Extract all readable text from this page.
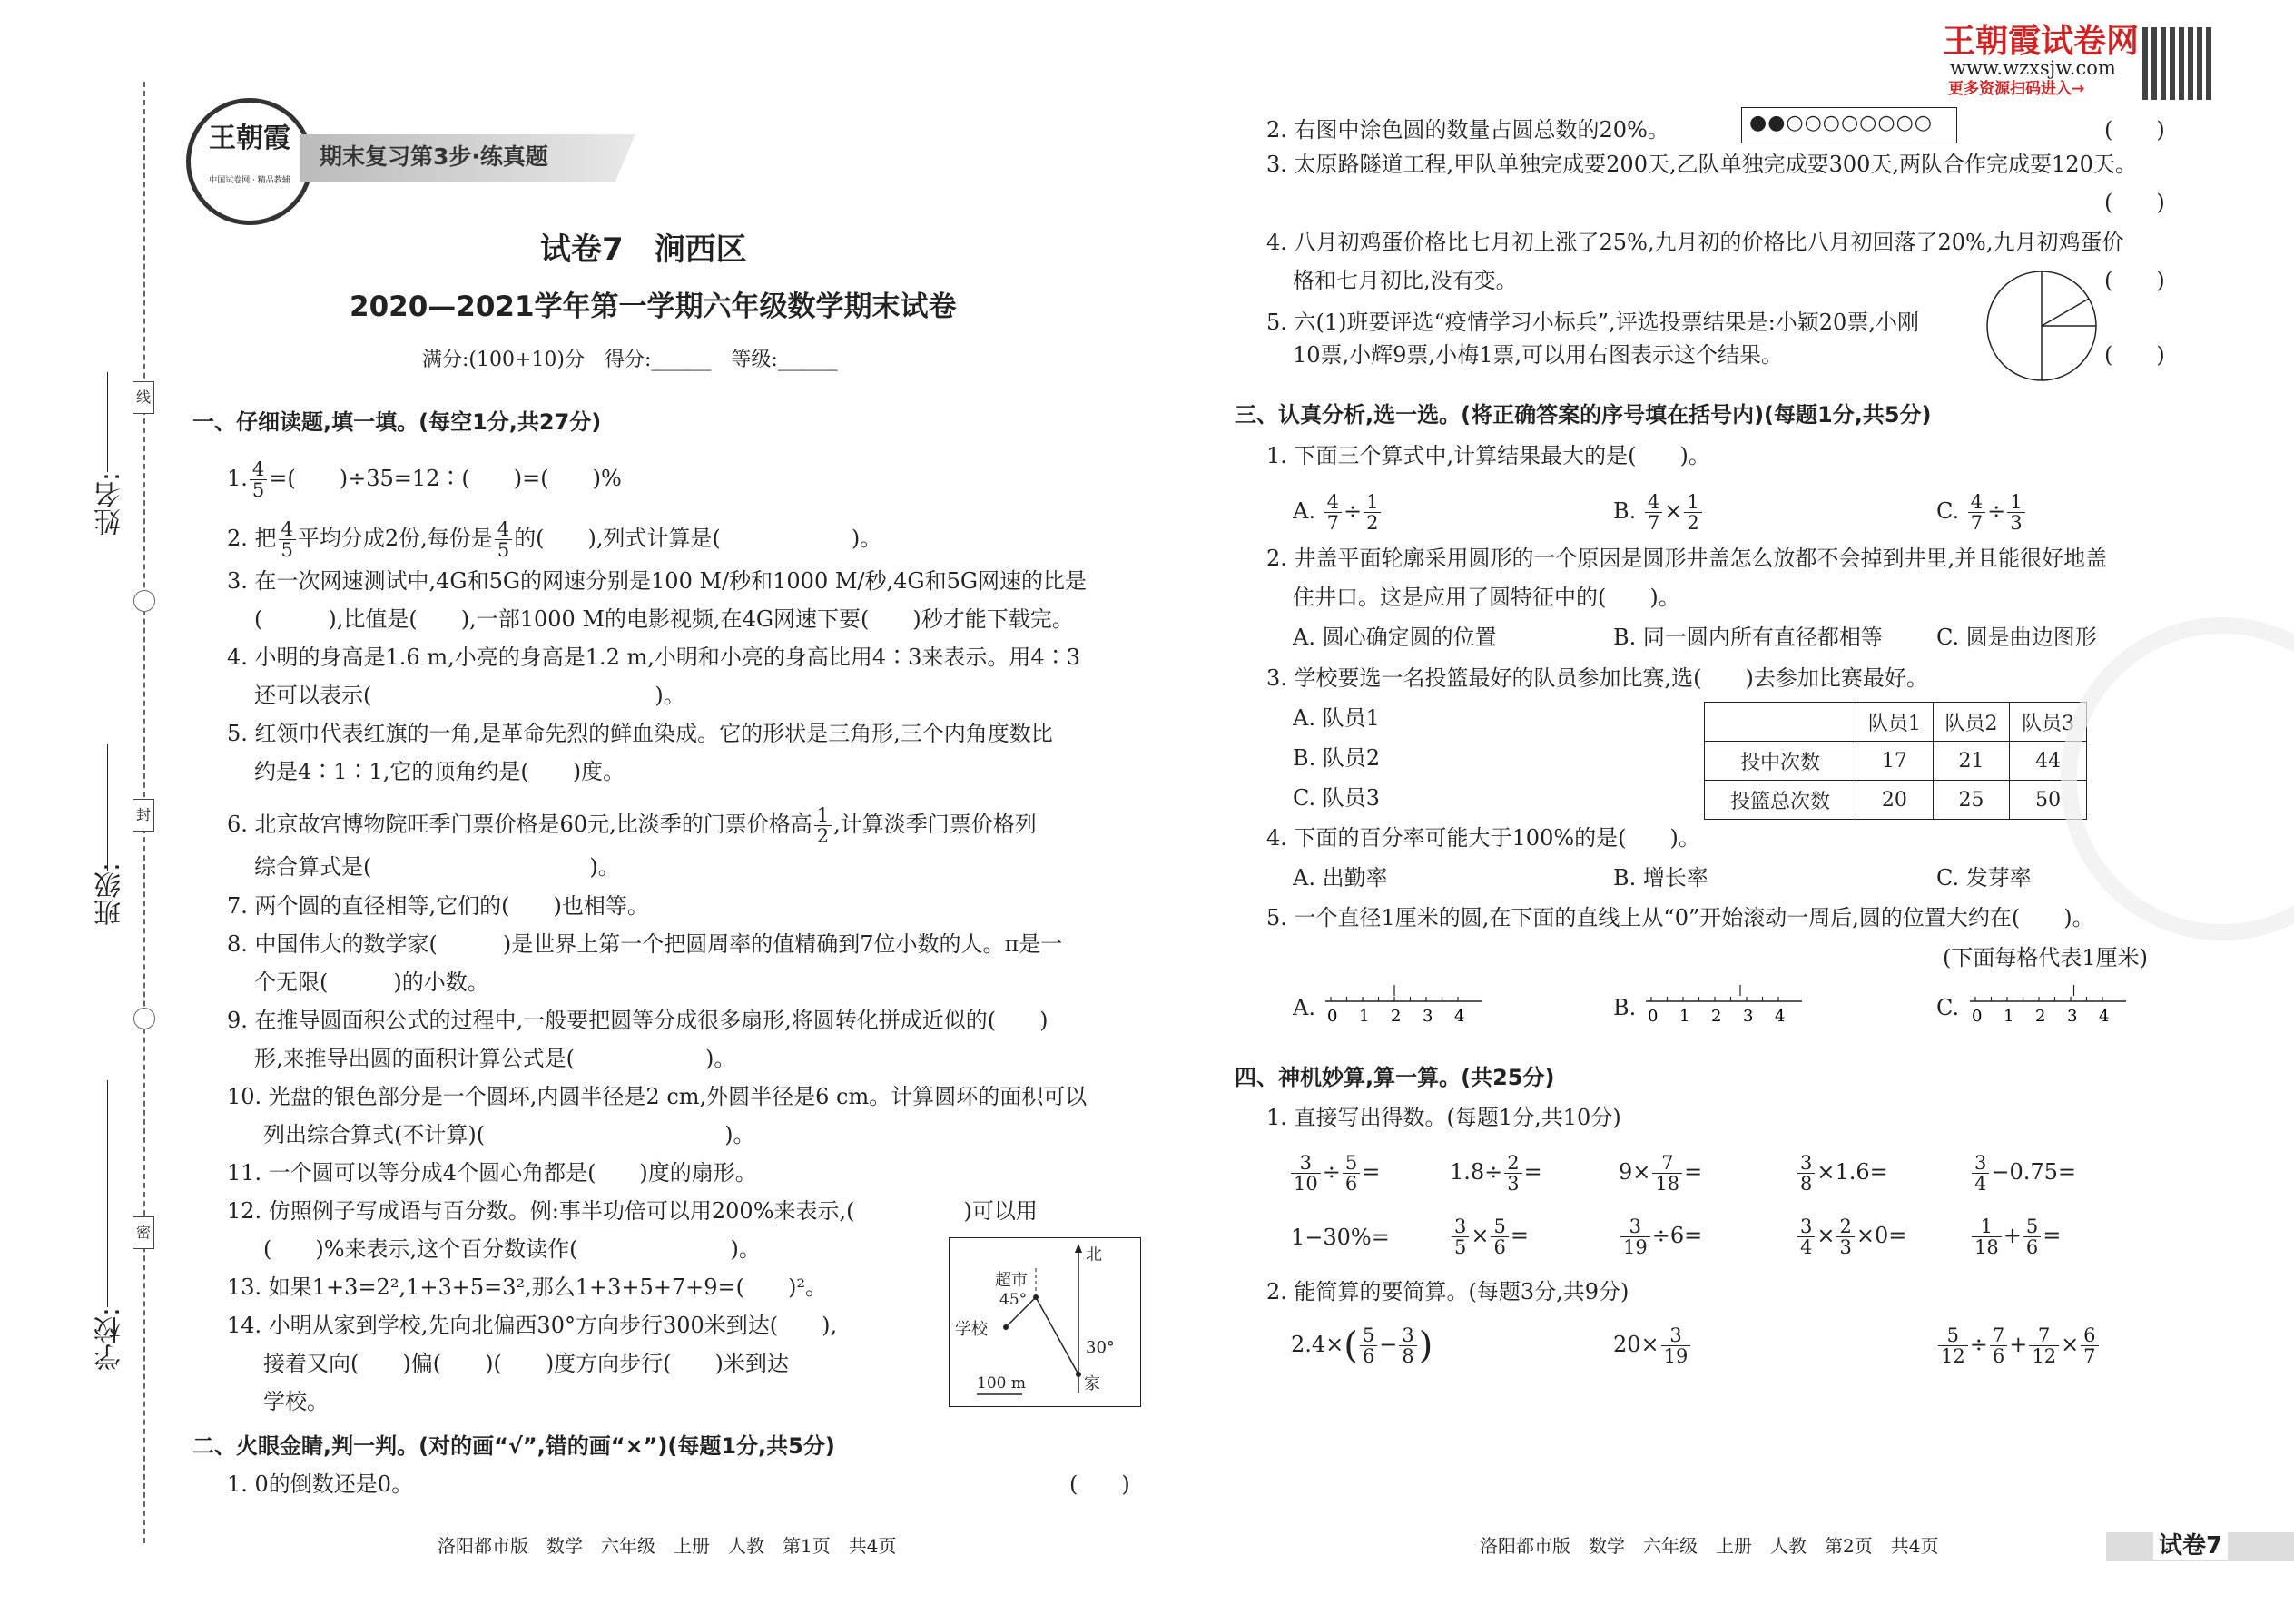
姓名:
班级:
学校:
线
封
密
王朝霞
中国试卷网 · 精品教辅
期末复习第3步·练真题
试卷7　涧西区
2020—2021学年第一学期六年级数学期末试卷
满分:(100+10)分　得分:______　等级:______
一、仔细读题,填一填。(每空1分,共27分)
1. $\frac{4}{5}$ =(　　)÷35=12∶(　　)=(　　)%
2. 把 $\frac{4}{5}$ 平均分成2份,每份是 $\frac{4}{5}$ 的(　　),列式计算是(　　　　　　)。
3. 在一次网速测试中,4G和5G的网速分别是100 M/秒和1000 M/秒,4G和5G网速的比是
(　　　),比值是(　　),一部1000 M的电影视频,在4G网速下要(　　)秒才能下载完。
4. 小明的身高是1.6 m,小亮的身高是1.2 m,小明和小亮的身高比用4∶3来表示。用4∶3
还可以表示(　　　　　　　　　　　　　)。
5. 红领巾代表红旗的一角,是革命先烈的鲜血染成。它的形状是三角形,三个内角度数比
约是4∶1∶1,它的顶角约是(　　)度。
6. 北京故宫博物院旺季门票价格是60元,比淡季的门票价格高 $\frac{1}{2}$ ,计算淡季门票价格列
综合算式是(　　　　　　　　　　)。
7. 两个圆的直径相等,它们的(　　)也相等。
8. 中国伟大的数学家(　　　)是世界上第一个把圆周率的值精确到7位小数的人。π是一
个无限(　　　)的小数。
9. 在推导圆面积公式的过程中,一般要把圆等分成很多扇形,将圆转化拼成近似的(　　)
形,来推导出圆的面积计算公式是(　　　　　　)。
10. 光盘的银色部分是一个圆环,内圆半径是2 cm,外圆半径是6 cm。计算圆环的面积可以
列出综合算式(不计算)(　　　　　　　　　　　)。
11. 一个圆可以等分成4个圆心角都是(　　)度的扇形。
12. 仿照例子写成语与百分数。例:事半功倍可以用200%来表示,(　　　　　)可以用
(　　)%来表示,这个百分数读作(　　　　　　　)。
13. 如果1+3=2²,1+3+5=3²,那么1+3+5+7+9=(　　)²。
14. 小明从家到学校,先向北偏西30°方向步行300米到达(　　),
接着又向(　　)偏(　　)(　　)度方向步行(　　)米到达
学校。
北
超市
45°
学校
30°
家
100 m
二、火眼金睛,判一判。(对的画“√”,错的画“×”)(每题1分,共5分)
1. 0的倒数还是0。	(　　)
洛阳都市版　数学　六年级　上册　人教　第1页　共4页
王朝霞试卷网
www.wzxsjw.com
更多资源扫码进入→
2. 右图中涂色圆的数量占圆总数的20%。	●●○○○○○○○○	(　　)
3. 太原路隧道工程,甲队单独完成要200天,乙队单独完成要300天,两队合作完成要120天。
(　　)
4. 八月初鸡蛋价格比七月初上涨了25%,九月初的价格比八月初回落了20%,九月初鸡蛋价
格和七月初比,没有变。	(　　)
5. 六(1)班要评选“疫情学习小标兵”,评选投票结果是:小颖20票,小刚
10票,小辉9票,小梅1票,可以用右图表示这个结果。	(　　)
三、认真分析,选一选。(将正确答案的序号填在括号内)(每题1分,共5分)
1. 下面三个算式中,计算结果最大的是(　　)。
A. $\frac{4}{7} \div \frac{1}{2}$	B. $\frac{4}{7} \times \frac{1}{2}$	C. $\frac{4}{7} \div \frac{1}{3}$
2. 井盖平面轮廓采用圆形的一个原因是圆形井盖怎么放都不会掉到井里,并且能很好地盖
住井口。这是应用了圆特征中的(　　)。
A. 圆心确定圆的位置	B. 同一圆内所有直径都相等 C. 圆是曲边图形
3. 学校要选一名投篮最好的队员参加比赛,选(　　)去参加比赛最好。
A. 队员1
B. 队员2
C. 队员3
	队员1	队员2	队员3
投中次数	17	21	44
投篮总次数	20	25	50
4. 下面的百分率可能大于100%的是(　　)。
A. 出勤率	B. 增长率	C. 发芽率
5. 一个直径1厘米的圆,在下面的直线上从“0”开始滚动一周后,圆的位置大约在(　　)。
(下面每格代表1厘米)
A.	B.	C.
0 1 2 3 4	0 1 2 3 4	0 1 2 3 4
四、神机妙算,算一算。(共25分)
1. 直接写出得数。(每题1分,共10分)
$\frac{3}{10} \div \frac{5}{6}$ =	$1.8\div \frac{2}{3}$ =	$9\times \frac{7}{18}$ =	$\frac{3}{8} \times 1.6=$	$\frac{3}{4} -0.75=$
1−30%=	$\frac{3}{5} \times \frac{5}{6}$ =	$\frac{3}{19} \div 6=$	$\frac{3}{4} \times \frac{2}{3} \times 0=$	$\frac{1}{18} + \frac{5}{6}$ =
2. 能简算的要简算。(每题3分,共9分)
$2.4\times( \frac{5}{6} - \frac{3}{8}$ )	$20\times \frac{3}{19}$	$\frac{5}{12} \div \frac{7}{6} + \frac{7}{12} \times \frac{6}{7}$
洛阳都市版　数学　六年级　上册　人教　第2页　共4页	试卷7
